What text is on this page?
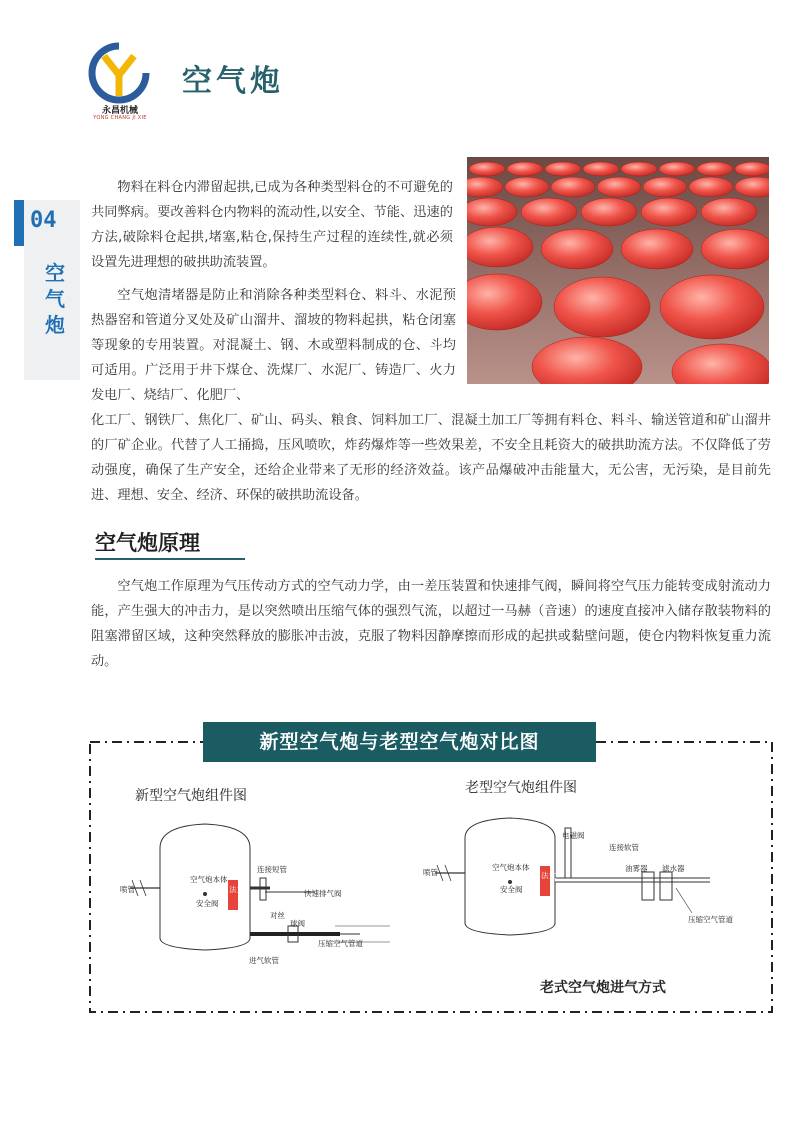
永昌机械
YONG CHANG JI XIE
空气炮
04
空气炮

物料在料仓内滞留起拱,已成为各种类型料仓的不可避免的共同弊病。要改善料仓内物料的流动性,以安全、节能、迅速的方法,破除料仓起拱,堵塞,粘仓,保持生产过程的连续性,就必须设置先进理想的破拱助流装置。

空气炮清堵器是防止和消除各种类型料仓、料斗、水泥预热器窑和管道分叉处及矿山溜井、溜坡的物料起拱，粘仓闭塞等现象的专用装置。对混凝土、钢、木或塑料制成的仓、斗均可适用。广泛用于井下煤仓、洗煤厂、水泥厂、铸造厂、火力发电厂、烧结厂、化肥厂、

化工厂、钢铁厂、焦化厂、矿山、码头、粮食、饲料加工厂、混凝土加工厂等拥有料仓、料斗、输送管道和矿山溜井的厂矿企业。代替了人工捅捣，压风喷吹，炸药爆炸等一些效果差，不安全且耗资大的破拱助流方法。不仅降低了劳动强度，确保了生产安全，还给企业带来了无形的经济效益。该产品爆破冲击能量大，无公害，无污染，是目前先进、理想、安全、经济、环保的破拱助流设备。

空气炮原理

空气炮工作原理为气压传动方式的空气动力学，由一差压装置和快速排气阀，瞬间将空气压力能转变成射流动力能，产生强大的冲击力，是以突然喷出压缩气体的强烈气流，以超过一马赫（音速）的速度直接冲入储存散装物料的阻塞滞留区域，这种突然释放的膨胀冲击波，克服了物料因静摩擦而形成的起拱或黏壁问题，使仓内物料恢复重力流动。

新型空气炮与老型空气炮对比图
新型空气炮组件图	老型空气炮组件图
喷管
空气炮本体
安全阀
连接短管
快速排气阀
对丝
球阀
压缩空气管道
进气软管
法兰
喷管
空气炮本体
安全阀
电磁阀
连接软管
油雾器 滤水器
压缩空气管道
法兰
老式空气炮进气方式
